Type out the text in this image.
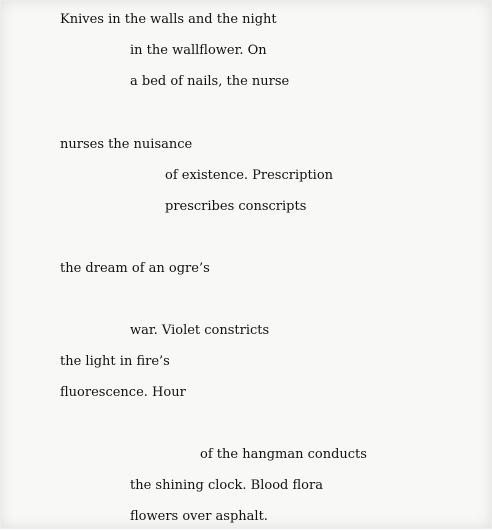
Knives in the walls and the night
in the wallflower. On
a bed of nails, the nurse
nurses the nuisance
of existence. Prescription
prescribes conscripts
the dream of an ogre’s
war. Violet constricts
the light in fire’s
fluorescence. Hour
of the hangman conducts
the shining clock. Blood flora
flowers over asphalt.
